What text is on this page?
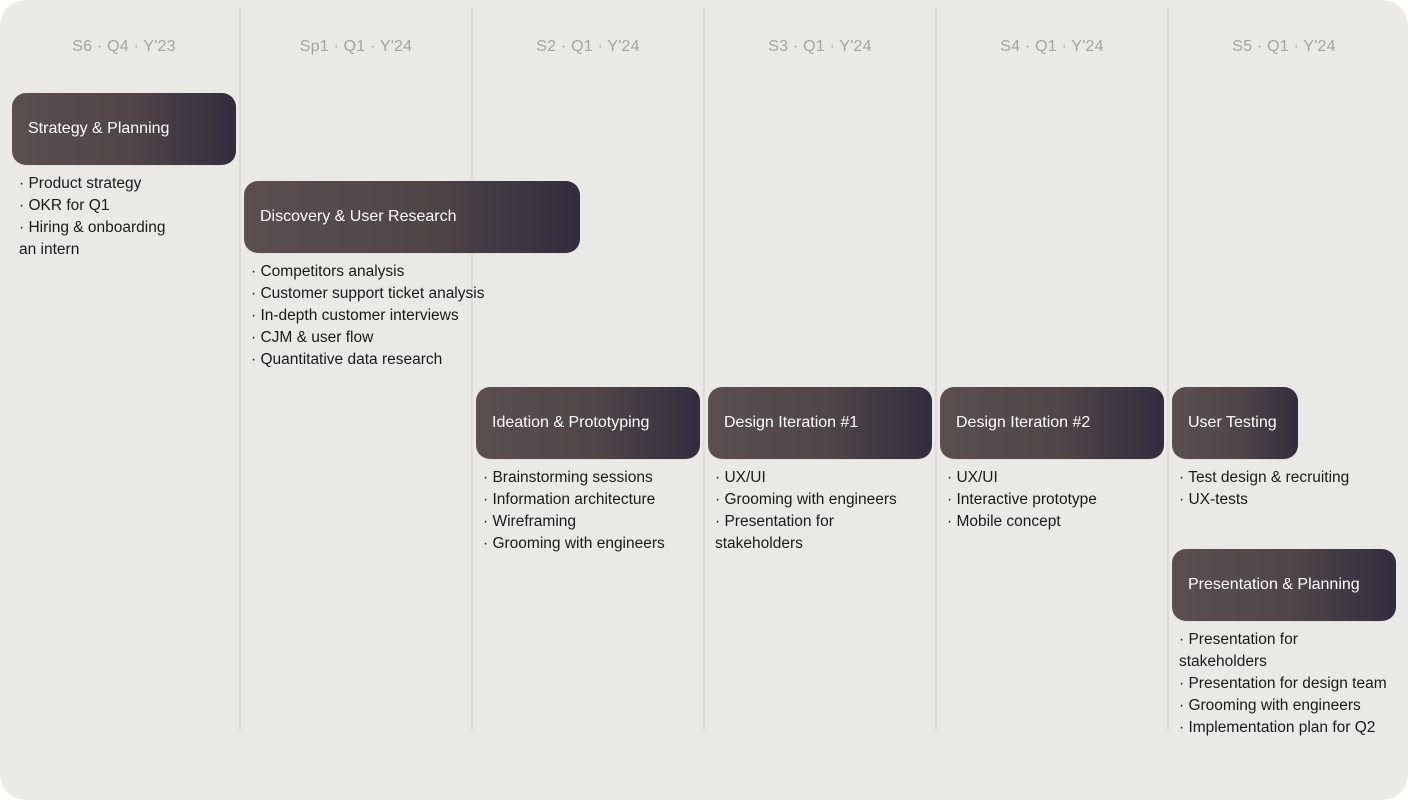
S6 · Q4 · Y'23	Sp1 · Q1 · Y'24	S2 · Q1 · Y'24	S3 · Q1 · Y'24	S4 · Q1 · Y'24	S5 · Q1 · Y'24
Strategy & Planning
· Product strategy
· OKR for Q1
· Hiring & onboarding
an intern
Discovery & User Research
· Competitors analysis
· Customer support ticket analysis
· In-depth customer interviews
· CJM & user flow
· Quantitative data research
Ideation & Prototyping
· Brainstorming sessions
· Information architecture
· Wireframing
· Grooming with engineers
Design Iteration #1
· UX/UI
· Grooming with engineers
· Presentation for
stakeholders
Design Iteration #2
· UX/UI
· Interactive prototype
· Mobile concept
User Testing
· Test design & recruiting
· UX-tests
Presentation & Planning
· Presentation for
stakeholders
· Presentation for design team
· Grooming with engineers
· Implementation plan for Q2
